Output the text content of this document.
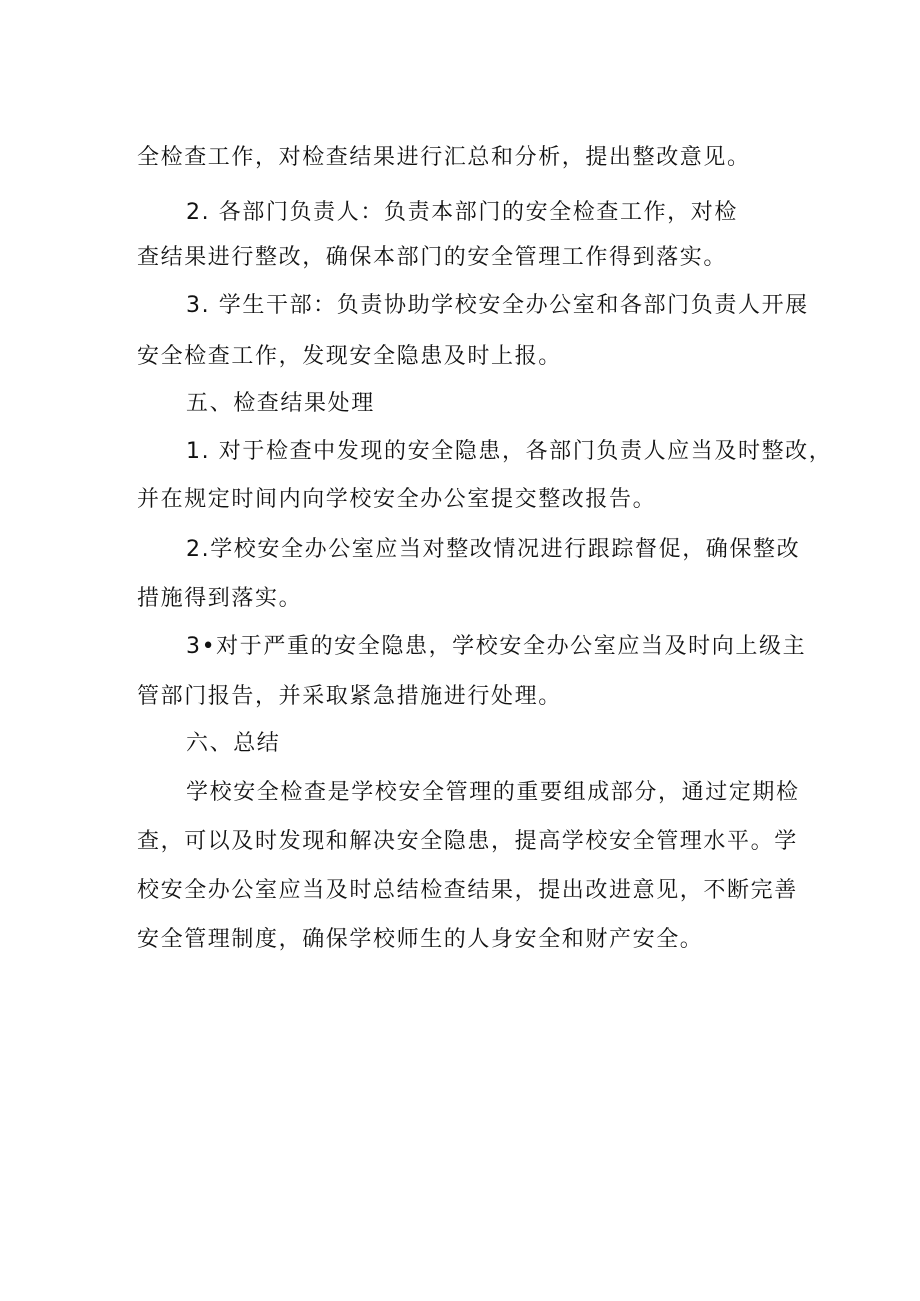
全检查工作，对检查结果进行汇总和分析，提出整改意见。
2. 各部门负责人：负责本部门的安全检查工作，对检
查结果进行整改，确保本部门的安全管理工作得到落实。
3. 学生干部：负责协助学校安全办公室和各部门负责人开展
安全检查工作，发现安全隐患及时上报。
五、检查结果处理
1. 对于检查中发现的安全隐患，各部门负责人应当及时整改，
并在规定时间内向学校安全办公室提交整改报告。
2.学校安全办公室应当对整改情况进行跟踪督促，确保整改
措施得到落实。
3•对于严重的安全隐患，学校安全办公室应当及时向上级主
管部门报告，并采取紧急措施进行处理。
六、总结
学校安全检查是学校安全管理的重要组成部分，通过定期检
查，可以及时发现和解决安全隐患，提高学校安全管理水平。学
校安全办公室应当及时总结检查结果，提出改进意见，不断完善
安全管理制度，确保学校师生的人身安全和财产安全。
